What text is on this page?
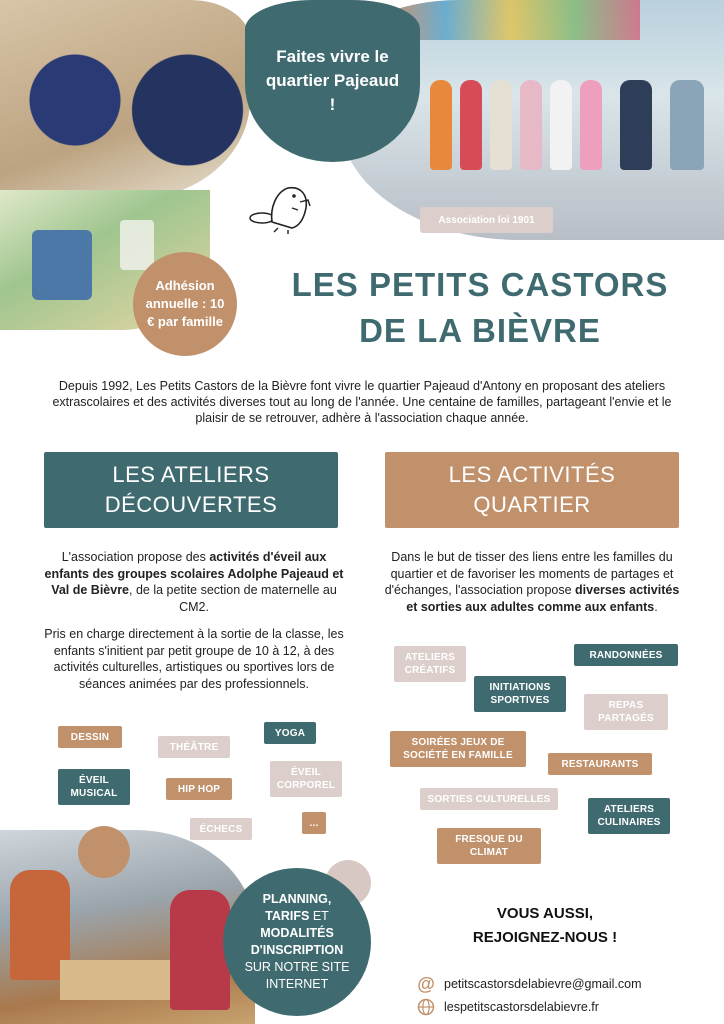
Faites vivre le quartier Pajeaud !
Adhésion annuelle : 10 € par famille
Association loi 1901
LES PETITS CASTORS
DE LA BIÈVRE
Depuis 1992, Les Petits Castors de la Bièvre font vivre le quartier Pajeaud d'Antony en proposant des ateliers extrascolaires et des activités diverses tout au long de l'année. Une centaine de familles, partageant l'envie et le plaisir de se retrouver, adhère à l'association chaque année.
LES ATELIERS
DÉCOUVERTES
LES ACTIVITÉS
QUARTIER
L'association propose des activités d'éveil aux enfants des groupes scolaires Adolphe Pajeaud et Val de Bièvre, de la petite section de maternelle au CM2.
Pris en charge directement à la sortie de la classe, les enfants s'initient par petit groupe de 10 à 12, à des activités culturelles, artistiques ou sportives lors de séances animées par des professionnels.
Dans le but de tisser des liens entre les familles du quartier et de favoriser les moments de partages et d'échanges, l'association propose diverses activités et sorties aux adultes comme aux enfants.
DESSIN
THÉÂTRE
YOGA
ÉVEIL MUSICAL	HIP HOP
ÉVEIL CORPOREL
ÉCHECS
...
ATELIERS CRÉATIFS
RANDONNÉES
INITIATIONS SPORTIVES	REPAS PARTAGÉS
SOIRÉES JEUX DE SOCIÉTÉ EN FAMILLE
RESTAURANTS
SORTIES CULTURELLES
ATELIERS CULINAIRES
FRESQUE DU CLIMAT
PLANNING,
TARIFS ET
MODALITÉS D'INSCRIPTION
SUR NOTRE SITE INTERNET
VOUS AUSSI,
REJOIGNEZ-NOUS !
@ petitscastorsdelabievre@gmail.com
lespetitscastorsdelabievre.fr
